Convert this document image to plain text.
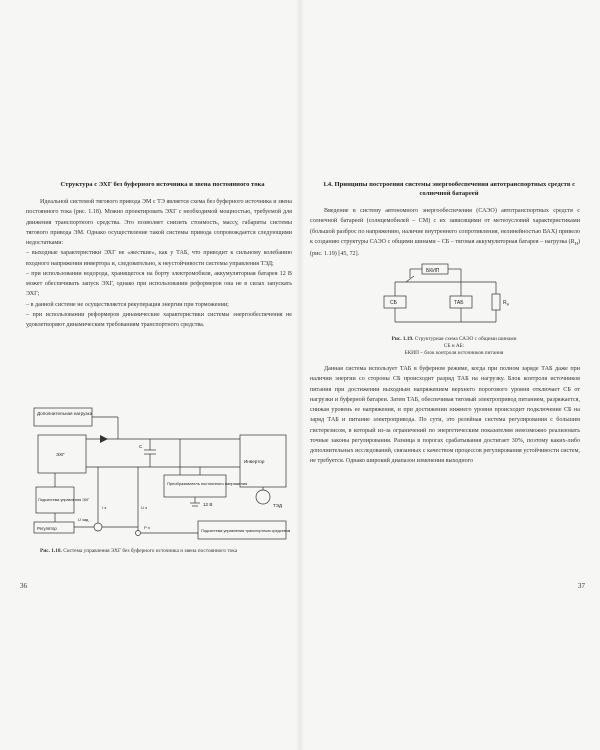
Структура с ЭХГ без буферного источника и звена постоянного тока

Идеальной системой тягового привода ЭМ с ТЭ является схема без буферного источника и звена постоянного тока (рис. 1.18). Можно проектировать ЭХГ с необходимой мощностью, требуемой для движения транспортного средства. Это позволяет снизить стоимость, массу, габариты системы тягового привода ЭМ. Однако осуществление такой системы привода сопровождается следующими недостатками:

– выходные характеристики ЭХГ не «жесткие», как у ТАБ, что приводит к сильному колебанию входного напряжения инвертора и, следовательно, к неустойчивости системы управления ТЭД;

– при использовании водорода, хранящегося на борту электромобиля, аккумуляторная батарея 12 В может обеспечивать запуск ЭХГ, однако при использовании реформеров она не в силах запускать ЭХГ;

– в данной системе не осуществляется рекуперация энергии при торможении;

– при использовании реформеров динамические характеристики системы энергообеспечения не удовлетворяют динамическим требованиям транспортного средства.

Дополнительная нагрузка
ЭХГ
Инвертор
С
Преобразователь постоянного напряжения
12 В	ТЭД
Подсистема управления ЭХГ
Регулятор	Подсистема управления транспортным средством
U зад
I э	U э
P э
Рис. 1.18. Система управления ЭХГ без буферного источника и звена постоянного тока
36
1.4. Принципы построения системы энергообеспечения автотранспортных средств с солнечной батареей

Введение в систему автономного энергообеспечения (САЭО) автотранспортных средств с солнечной батареей (солнцемобилей – СМ) с их зависящими от метеоусловий характеристиками (большой разброс по напряжению, наличие внутреннего сопротивления, нелинейностью ВАХ) привело к созданию структуры САЭО с общими шинами – СБ – тяговая аккумуляторная батарея – нагрузка $(R_Н)$ (рис. 1.19) [45, 72].

БКИП
СБ	ТАБ	$R_Н$
Рис. 1.19. Структурная схема САЭО с общими шинами
СБ и АБ:
БКИП – блок контроля источников питания

Данная система использует ТАБ в буферном режиме, когда при полном заряде ТАБ даже при наличии энергии со стороны СБ происходит разряд ТАБ на нагрузку. Блок контроля источников питания при достижении выходным напряжением верхнего порогового уровня отключает СБ от нагрузки и буферной батареи. Затем ТАБ, обеспечивая тяговый электропривод питанием, разряжается, снижая уровень ее напряжения, и при достижении нижнего уровня происходит подключение СБ на заряд ТАБ и питание электропривода. По сути, это релейная система регулирования с большим гистерезисом, в который из-за ограничений по энергетическим показателям невозможно реализовать точные законы регулирования. Разница в порогах срабатывания достигает 30%, поэтому каких-либо дополнительных исследований, связанных с качеством процессов регулирования устойчивости систем, не требуется. Однако широкий диапазон изменения выходного

37
